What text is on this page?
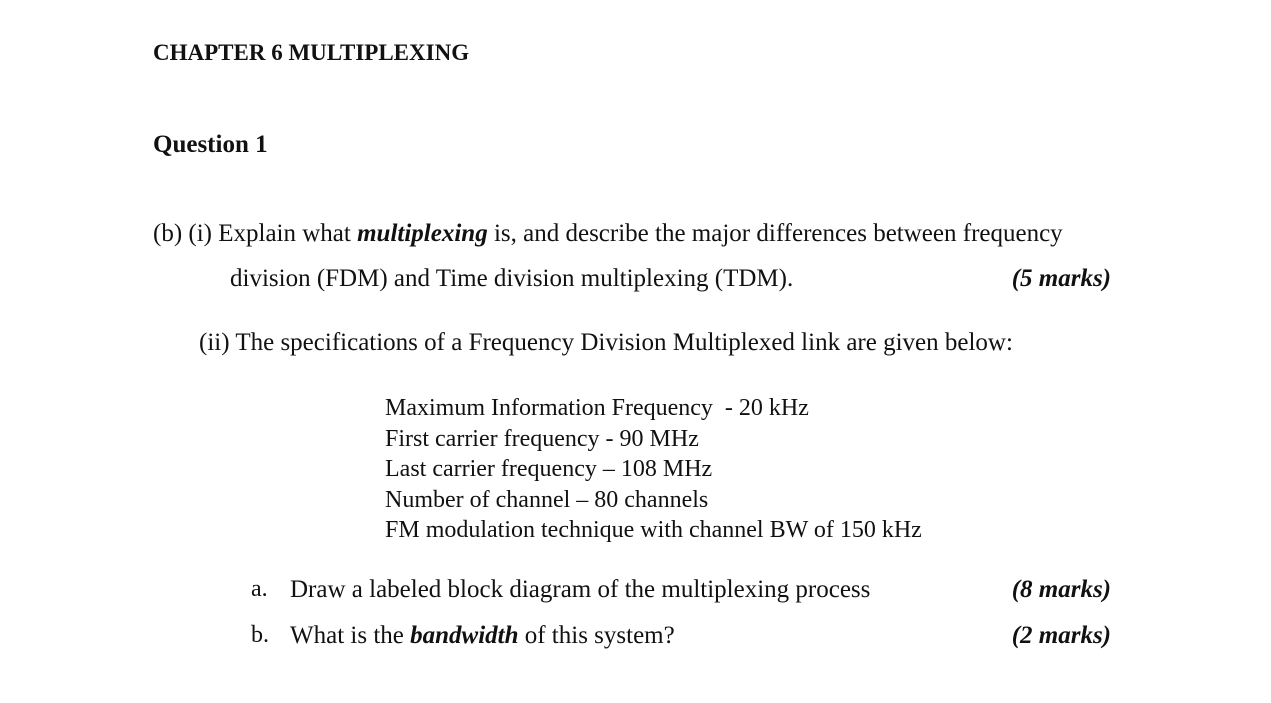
CHAPTER 6 MULTIPLEXING
Question 1
(b) (i) Explain what multiplexing is, and describe the major differences between frequency
division (FDM) and Time division multiplexing (TDM).	(5 marks)
(ii) The specifications of a Frequency Division Multiplexed link are given below:
Maximum Information Frequency  - 20 kHz
First carrier frequency - 90 MHz
Last carrier frequency – 108 MHz
Number of channel – 80 channels
FM modulation technique with channel BW of 150 kHz
a. Draw a labeled block diagram of the multiplexing process	(8 marks)
b. What is the bandwidth of this system?	(2 marks)
